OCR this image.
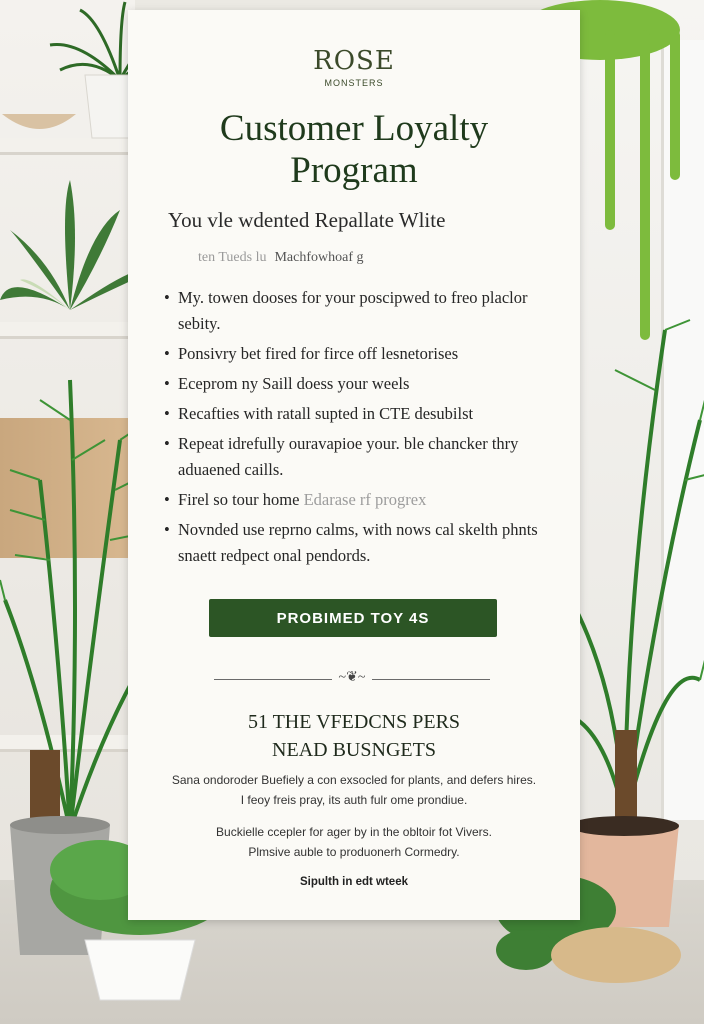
ROSE
MONSTERS
Customer Loyalty
Program
You vle wdented Repallate Wlite
ten Tueds lu Machfowhoaf g
• My. towen dooses for your poscipwed to freo placlor sebity.
• Ponsivry bet fired for firce off lesnetorises
• Eceprom ny Saill doess your weels
• Recafties with ratall supted in CTE desubilst
• Repeat idrefully ouravapioe your. ble chancker thry aduaened caills.
• Firel so tour home Edarase rf progrex
• Novnded use reprno calms, with nows cal skelth phnts snaett redpect onal pendords.
PROBIMED TOY 4S
~❦~
51 THE VFEDCNS PERS
NEAD BUSNGETS
Sana ondoroder Buefiely a con exsocled for plants, and defers hires.
I feoy freis pray, its auth fulr ome prondiue.
Buckielle ccepler for ager by in the obltoir fot Vivers.
Plmsive auble to produonerh Cormedry.
Sipulth in edt wteek
